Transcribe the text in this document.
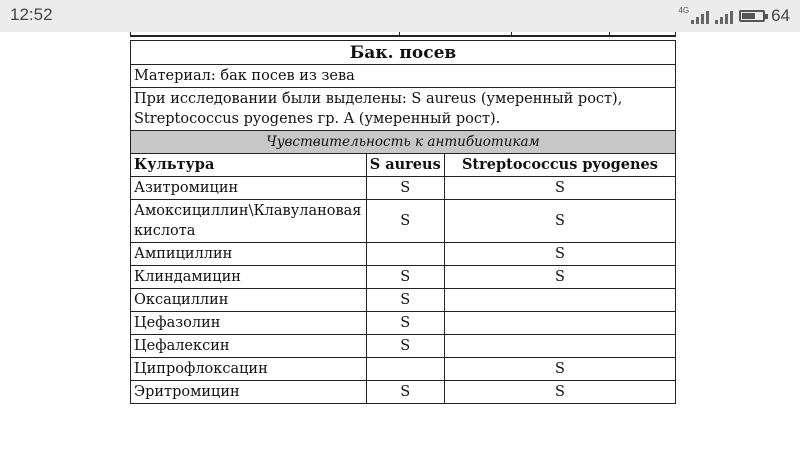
12:52	4G	64
Бак. посев		
Материал: бак посев из зева		
При исследовании были выделены: S aureus (умеренный рост), Streptococcus pyogenes гр. A (умеренный рост).		
Чувствительность к антибиотикам		
Культура	S aureus	Streptococcus pyogenes
Азитромицин	S	S
Амоксициллин\Клавулановая кислота	S	S
Ампициллин		S
Клиндамицин	S	S
Оксациллин	S	
Цефазолин	S	
Цефалексин	S	
Ципрофлоксацин		S
Эритромицин	S	S
